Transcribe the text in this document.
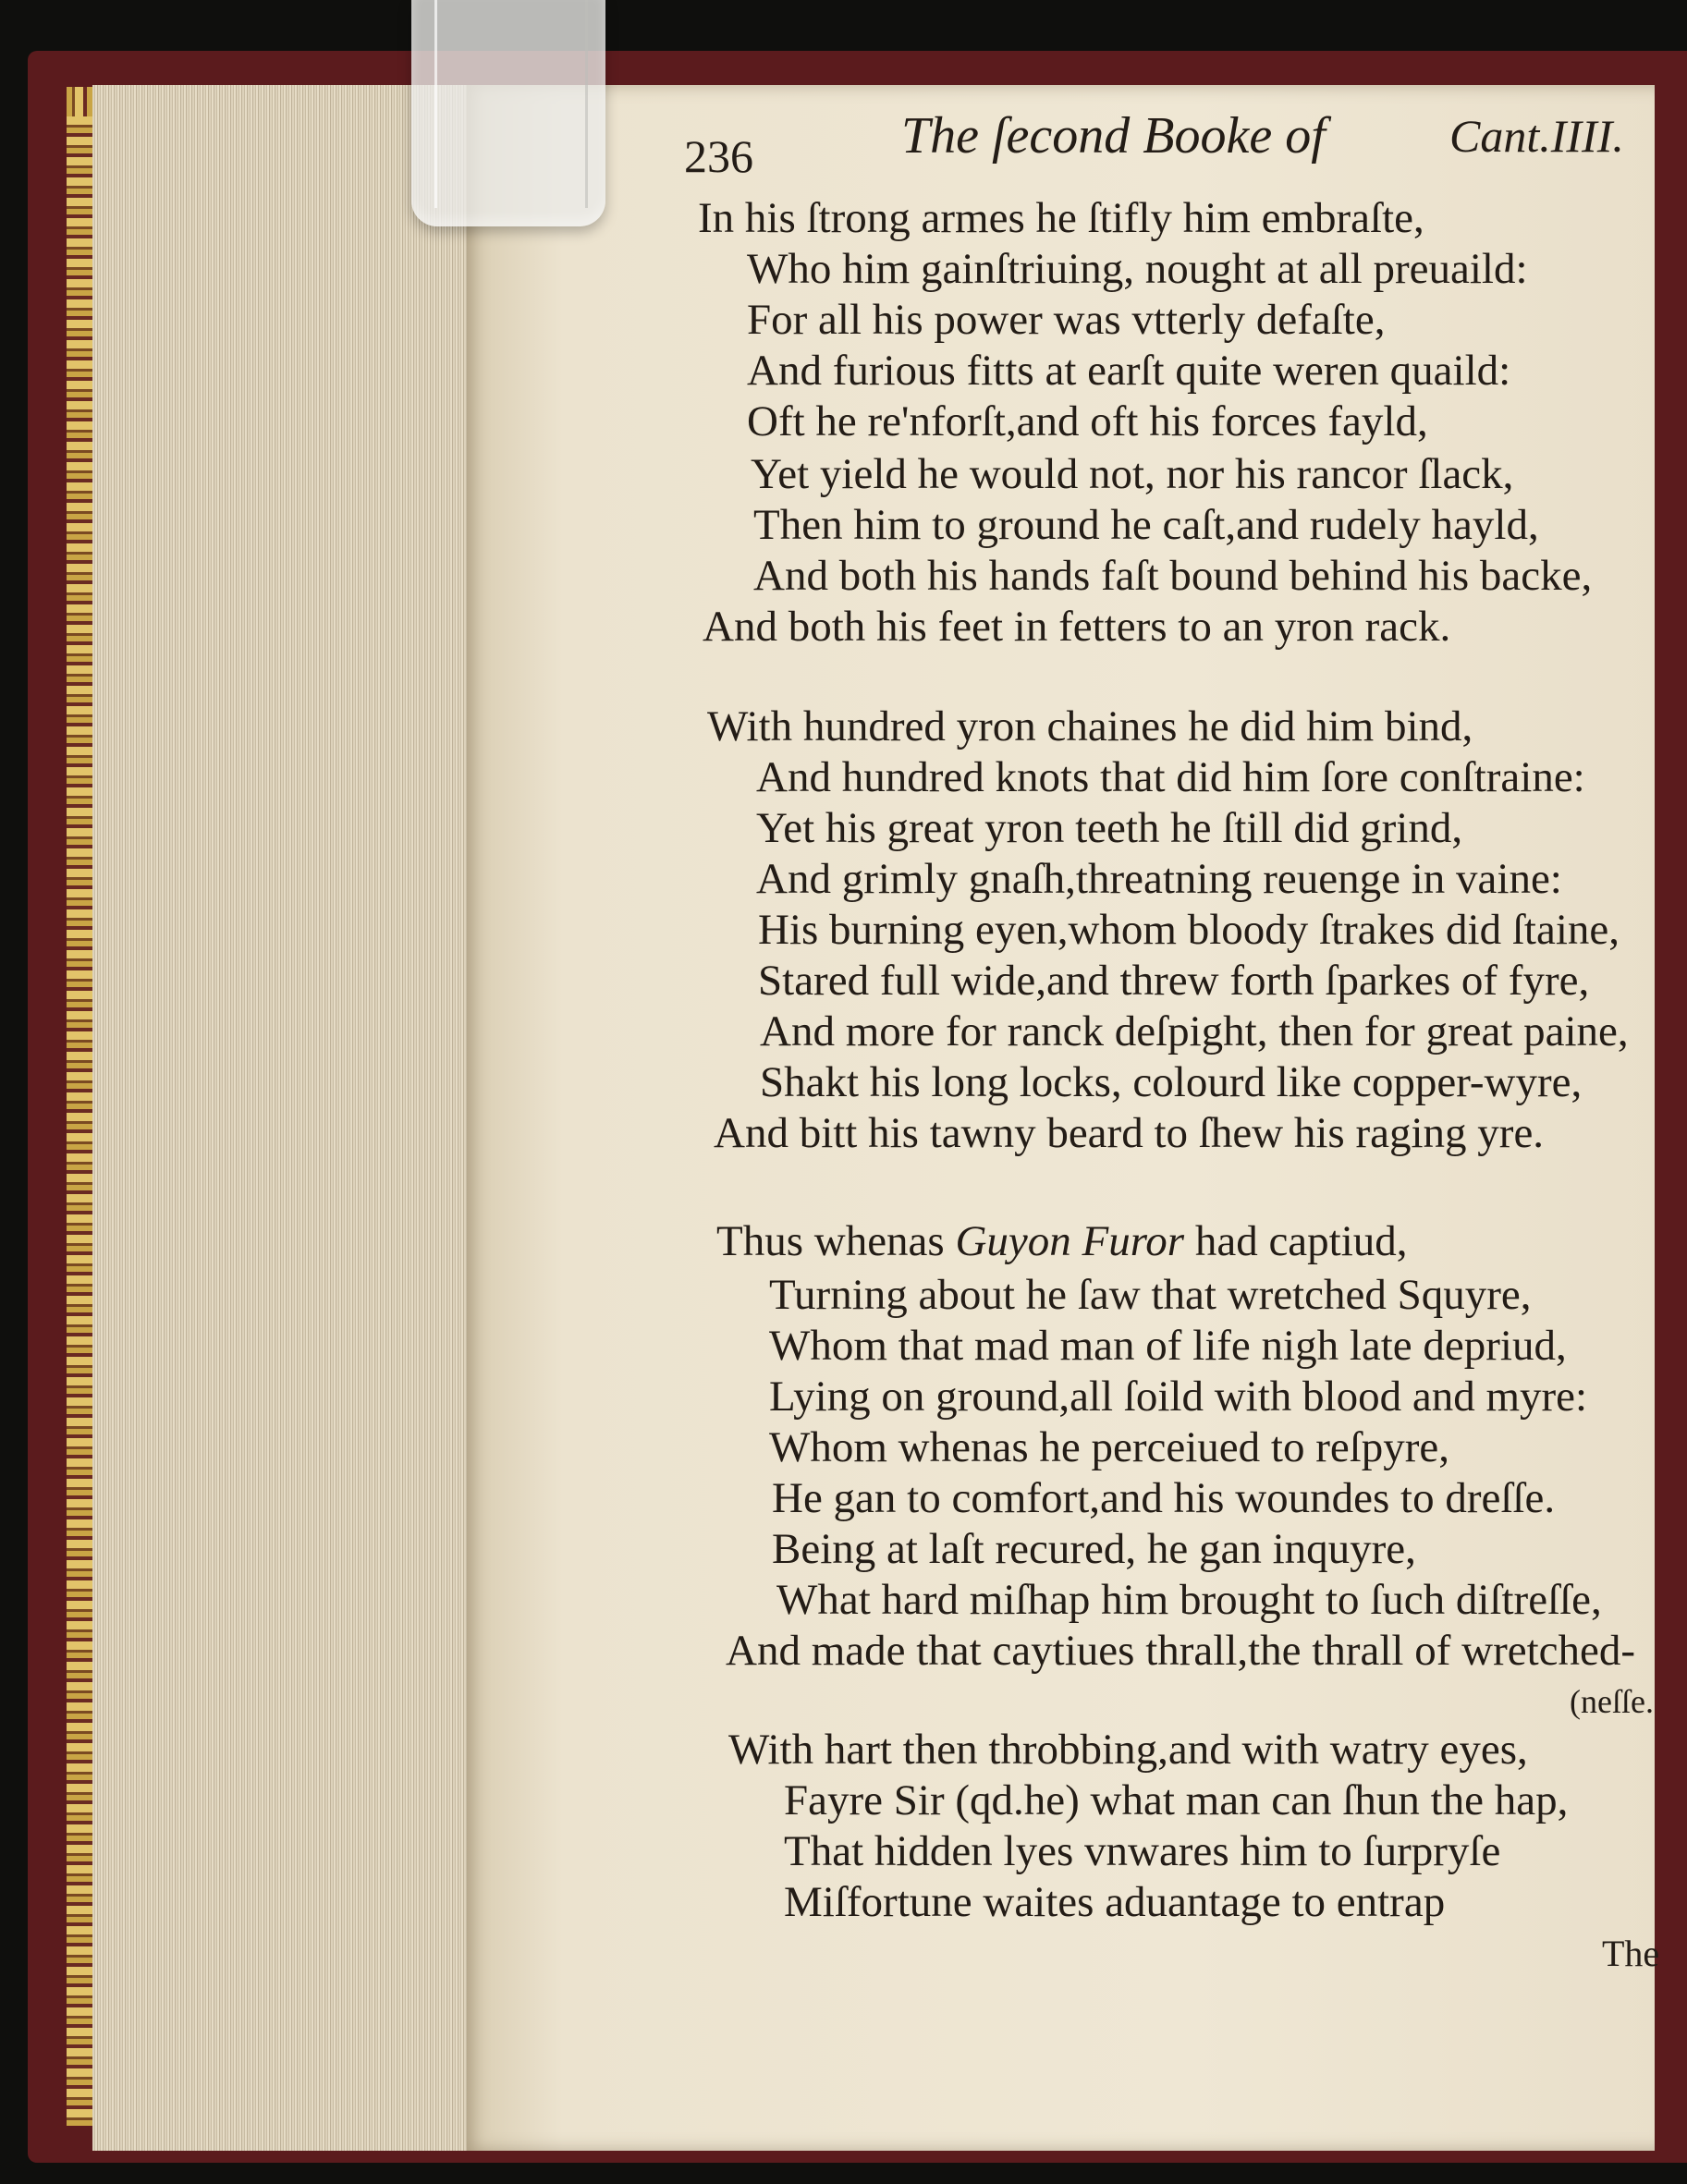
236	The ſecond Booke of	Cant.IIII.
In his ſtrong armes he ſtifly him embraſte,
Who him gainſtriuing, nought at all preuaild:
For all his power was vtterly defaſte,
And furious fitts at earſt quite weren quaild:
Oft he re'nforſt,and oft his forces fayld,
Yet yield he would not, nor his rancor ſlack,
Then him to ground he caſt,and rudely hayld,
And both his hands faſt bound behind his backe,
And both his feet in fetters to an yron rack.
With hundred yron chaines he did him bind,
And hundred knots that did him ſore conſtraine:
Yet his great yron teeth he ſtill did grind,
And grimly gnaſh,threatning reuenge in vaine:
His burning eyen,whom bloody ſtrakes did ſtaine,
Stared full wide,and threw forth ſparkes of fyre,
And more for ranck deſpight, then for great paine,
Shakt his long locks, colourd like copper-wyre,
And bitt his tawny beard to ſhew his raging yre.
Thus whenas Guyon Furor had captiud,
Turning about he ſaw that wretched Squyre,
Whom that mad man of life nigh late depriud,
Lying on ground,all ſoild with blood and myre:
Whom whenas he perceiued to reſpyre,
He gan to comfort,and his woundes to dreſſe.
Being at laſt recured, he gan inquyre,
What hard miſhap him brought to ſuch diſtreſſe,
And made that caytiues thrall,the thrall of wretched-
(neſſe.
With hart then throbbing,and with watry eyes,
Fayre Sir (qd.he) what man can ſhun the hap,
That hidden lyes vnwares him to ſurpryſe
Miſfortune waites aduantage to entrap
The
